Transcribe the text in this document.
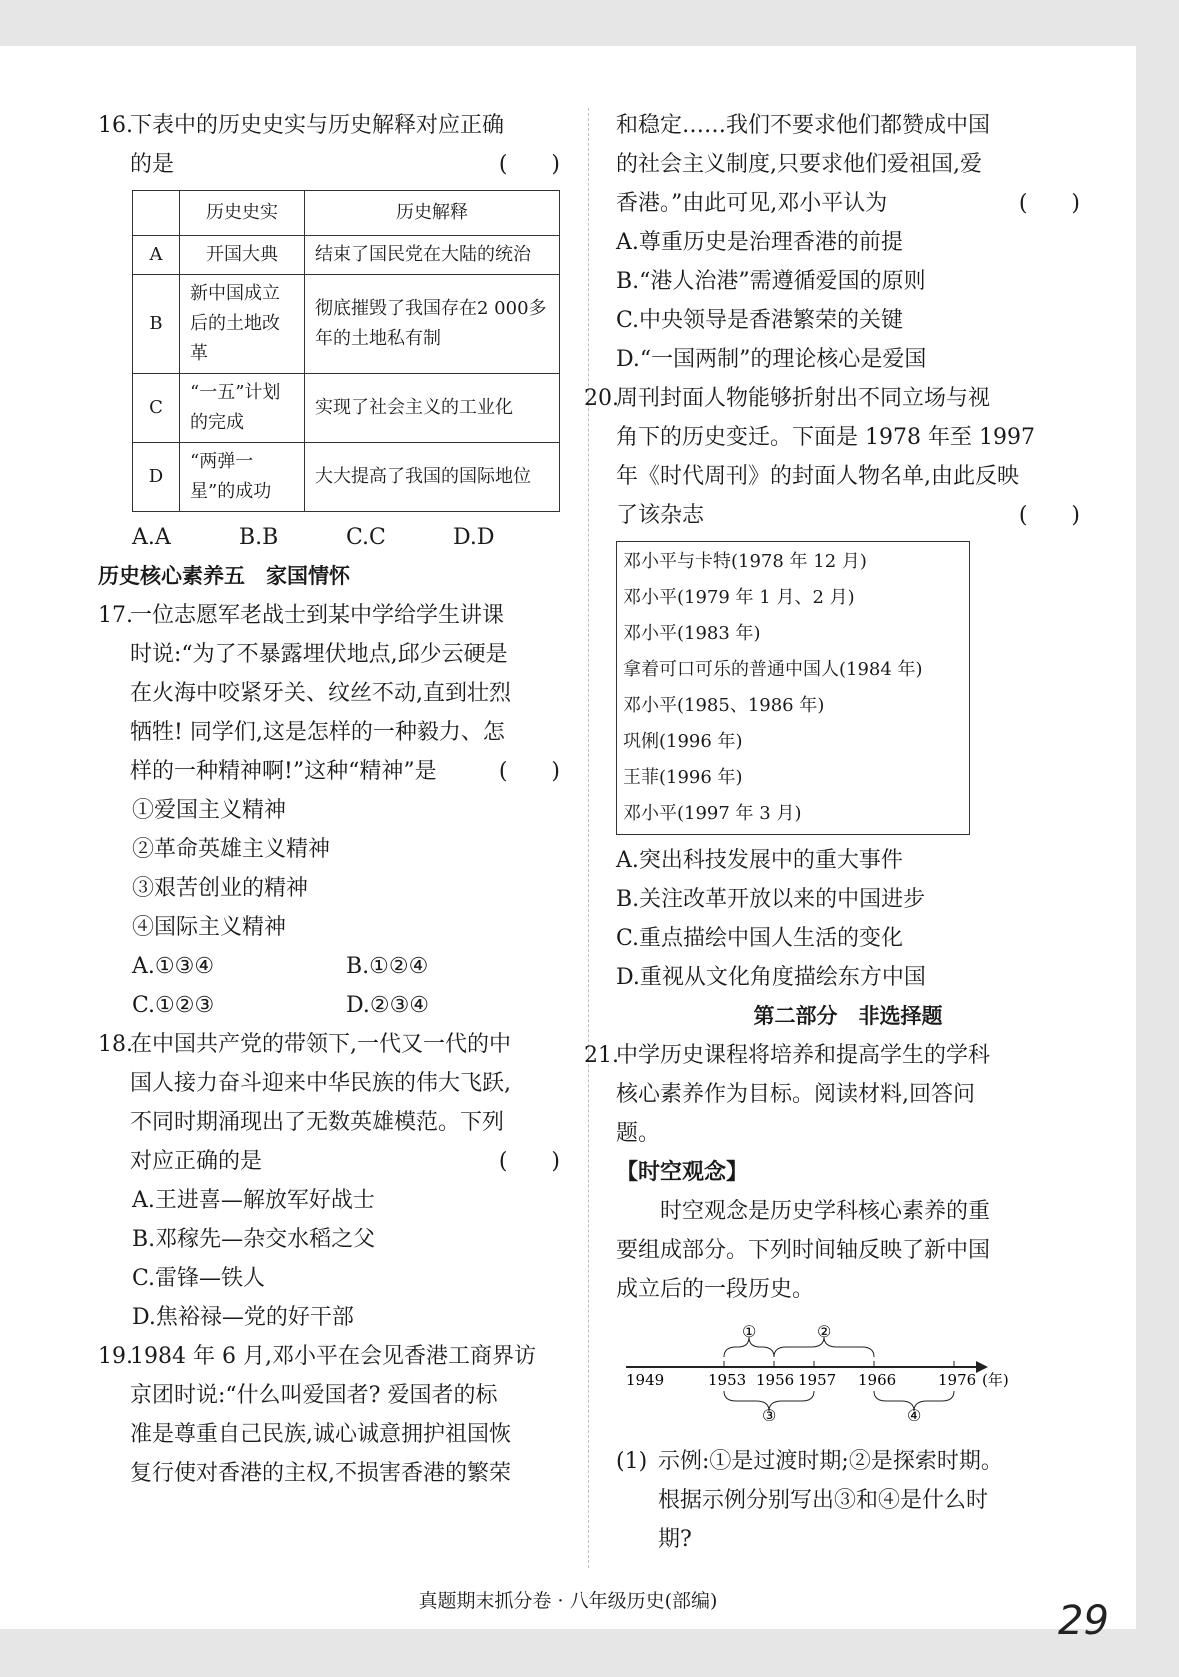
16.
下表中的历史史实与历史解释对应正确
的是	(　　)
	历史史实	历史解释
A	开国大典	结束了国民党在大陆的统治
B	新中国成立后的土地改革	彻底摧毁了我国存在2 000多年的土地私有制
C	“一五”计划的完成	实现了社会主义的工业化
D	“两弹一星”的成功	大大提高了我国的国际地位
A.A	B.B	C.C	D.D
历史核心素养五　家国情怀
17.
一位志愿军老战士到某中学给学生讲课
时说:“为了不暴露埋伏地点,邱少云硬是
在火海中咬紧牙关、纹丝不动,直到壮烈
牺牲! 同学们,这是怎样的一种毅力、怎
样的一种精神啊!”这种“精神”是	(　　)
①爱国主义精神
②革命英雄主义精神
③艰苦创业的精神
④国际主义精神
A.①③④	B.①②④
C.①②③	D.②③④
18.
在中国共产党的带领下,一代又一代的中
国人接力奋斗迎来中华民族的伟大飞跃,
不同时期涌现出了无数英雄模范。下列
对应正确的是	(　　)
A.王进喜—解放军好战士
B.邓稼先—杂交水稻之父
C.雷锋—铁人
D.焦裕禄—党的好干部
19.
1984 年 6 月,邓小平在会见香港工商界访
京团时说:“什么叫爱国者? 爱国者的标
准是尊重自己民族,诚心诚意拥护祖国恢
复行使对香港的主权,不损害香港的繁荣
和稳定……我们不要求他们都赞成中国
的社会主义制度,只要求他们爱祖国,爱
香港。”由此可见,邓小平认为	(　　)
A.尊重历史是治理香港的前提
B.“港人治港”需遵循爱国的原则
C.中央领导是香港繁荣的关键
D.“一国两制”的理论核心是爱国
20.
周刊封面人物能够折射出不同立场与视
角下的历史变迁。下面是 1978 年至 1997
年《时代周刊》的封面人物名单,由此反映
了该杂志	(　　)
邓小平与卡特(1978 年 12 月)
邓小平(1979 年 1 月、2 月)
邓小平(1983 年)
拿着可口可乐的普通中国人(1984 年)
邓小平(1985、1986 年)
巩俐(1996 年)
王菲(1996 年)
邓小平(1997 年 3 月)
A.突出科技发展中的重大事件
B.关注改革开放以来的中国进步
C.重点描绘中国人生活的变化
D.重视从文化角度描绘东方中国
第二部分　非选择题
21.
中学历史课程将培养和提高学生的学科
核心素养作为目标。阅读材料,回答问
题。
【时空观念】
时空观念是历史学科核心素养的重
要组成部分。下列时间轴反映了新中国
成立后的一段历史。
1949	1953 1956 1957 1966	1976 (年)
①	②
③	④
(1) 示例:①是过渡时期;②是探索时期。
根据示例分别写出③和④是什么时
期?
真题期末抓分卷 · 八年级历史(部编)	29
